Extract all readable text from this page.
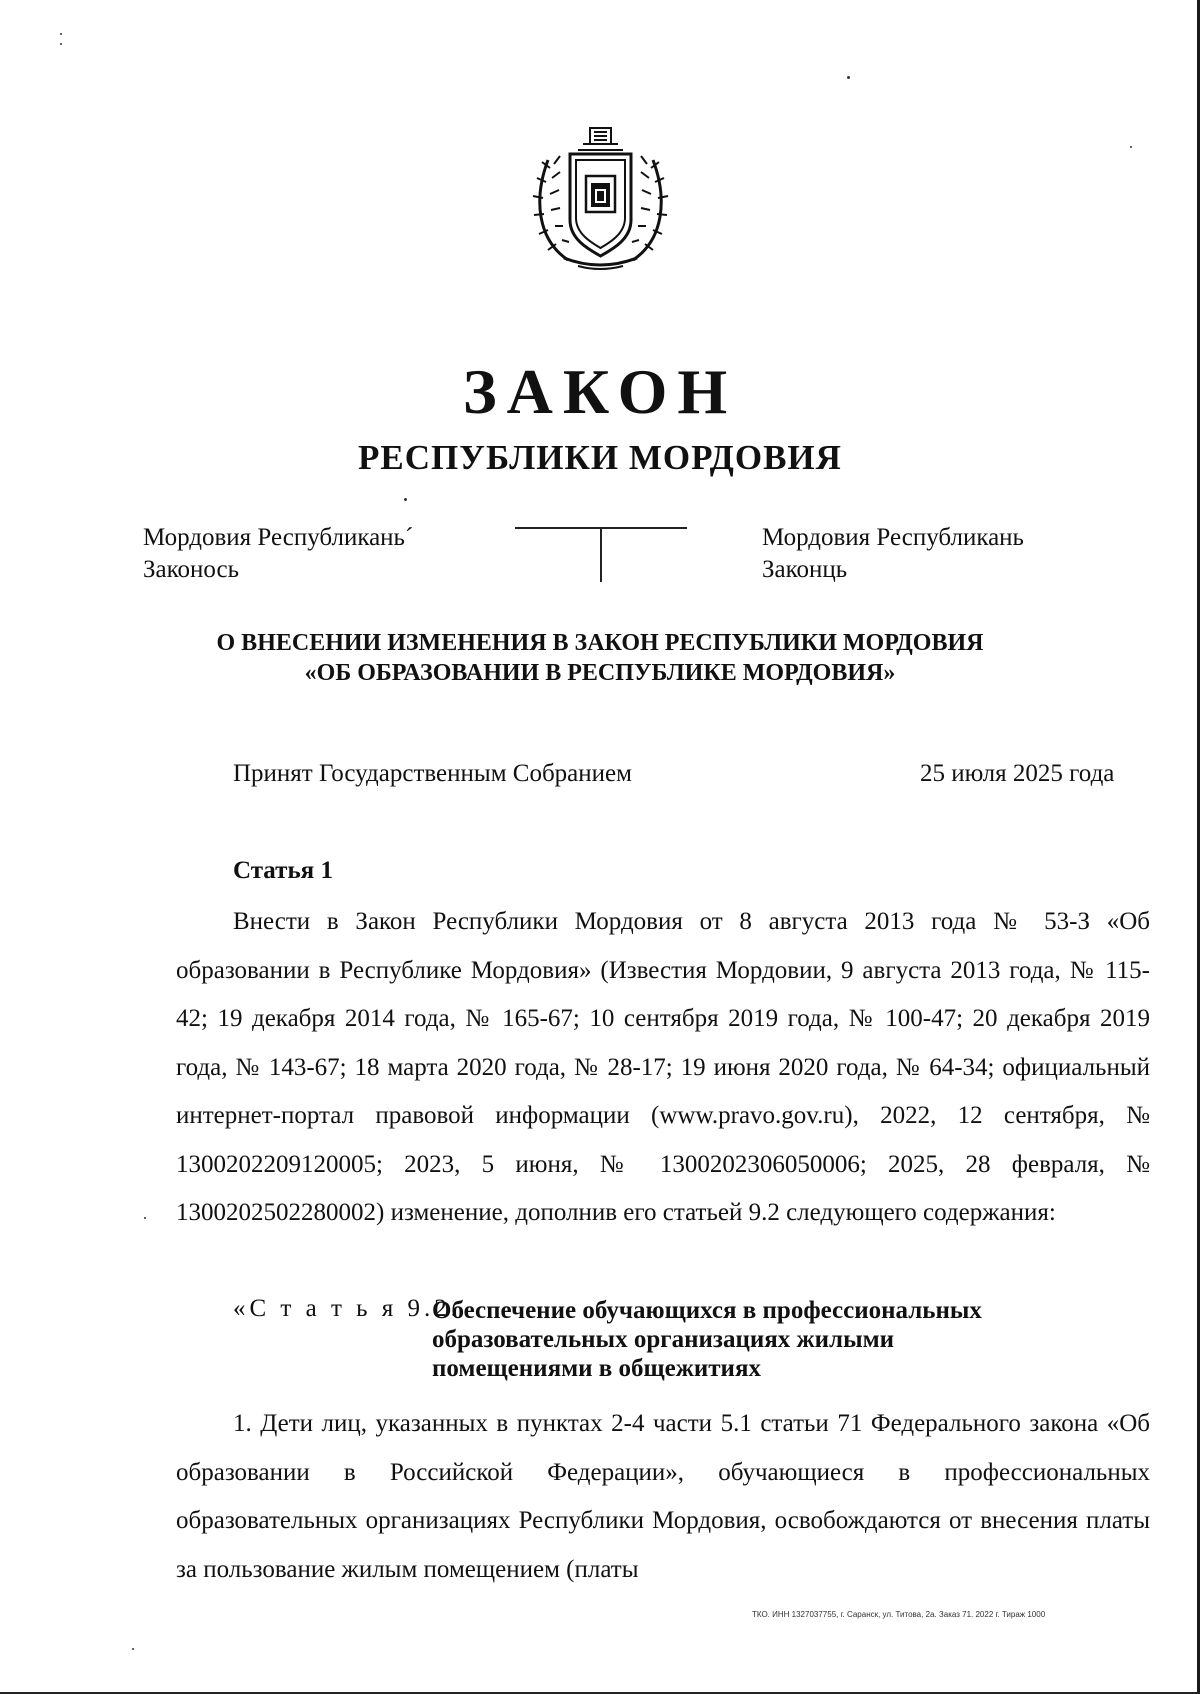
ЗАКОН
РЕСПУБЛИКИ МОРДОВИЯ
Мордовия Республиканьˊ
Законось
Мордовия Республикань
Законць
О ВНЕСЕНИИ ИЗМЕНЕНИЯ В ЗАКОН РЕСПУБЛИКИ МОРДОВИЯ
«ОБ ОБРАЗОВАНИИ В РЕСПУБЛИКЕ МОРДОВИЯ»
Принят Государственным Собранием	25 июля 2025 года
Статья 1

Внести в Закон Республики Мордовия от 8 августа 2013 года № 53-З «Об образовании в Республике Мордовия» (Известия Мордовии, 9 августа 2013 года, № 115-42; 19 декабря 2014 года, № 165-67; 10 сентября 2019 года, № 100-47; 20 декабря 2019 года, № 143-67; 18 марта 2020 года, № 28-17; 19 июня 2020 года, № 64-34; официальный интернет-портал правовой информации (www.pravo.gov.ru), 2022, 12 сентября, № 1300202209120005; 2023, 5 июня, № 1300202306050006; 2025, 28 февраля, № 1300202502280002) изменение, дополнив его статьей 9.2 следующего содержания:

«С т а т ь я 9.2.
Обеспечение обучающихся в профессиональных
образовательных организациях жилыми
помещениями в общежитиях

1. Дети лиц, указанных в пунктах 2-4 части 5.1 статьи 71 Федерального закона «Об образовании в Российской Федерации», обучающиеся в профессиональных образовательных организациях Республики Мордовия, освобождаются от внесения платы за пользование жилым помещением (платы

ТКО. ИНН 1327037755, г. Саранск, ул. Титова, 2а. Заказ 71. 2022 г. Тираж 1000
